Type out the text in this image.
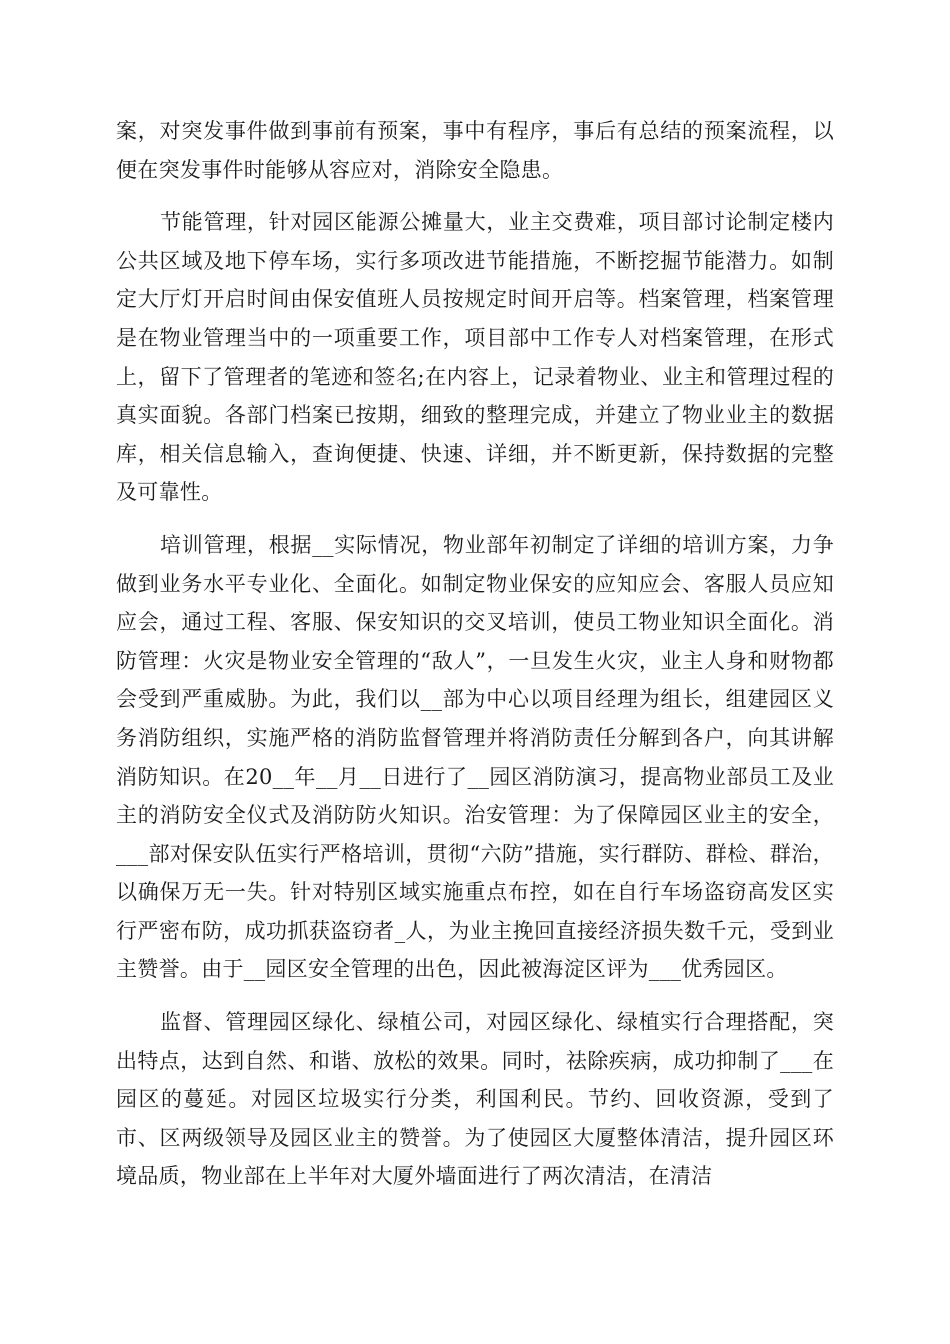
案，对突发事件做到事前有预案，事中有程序，事后有总结的预案流程，以便在突发事件时能够从容应对，消除安全隐患。

节能管理，针对园区能源公摊量大，业主交费难，项目部讨论制定楼内公共区域及地下停车场，实行多项改进节能措施，不断挖掘节能潜力。如制定大厅灯开启时间由保安值班人员按规定时间开启等。档案管理，档案管理是在物业管理当中的一项重要工作，项目部中工作专人对档案管理，在形式上，留下了管理者的笔迹和签名;在内容上，记录着物业、业主和管理过程的真实面貌。各部门档案已按期，细致的整理完成，并建立了物业业主的数据库，相关信息输入，查询便捷、快速、详细，并不断更新，保持数据的完整及可靠性。

培训管理，根据__实际情况，物业部年初制定了详细的培训方案，力争做到业务水平专业化、全面化。如制定物业保安的应知应会、客服人员应知应会，通过工程、客服、保安知识的交叉培训，使员工物业知识全面化。消防管理：火灾是物业安全管理的“敌人”，一旦发生火灾，业主人身和财物都会受到严重威胁。为此，我们以__部为中心以项目经理为组长，组建园区义务消防组织，实施严格的消防监督管理并将消防责任分解到各户，向其讲解消防知识。在20__年__月__日进行了__园区消防演习，提高物业部员工及业主的消防安全仪式及消防防火知识。治安管理：为了保障园区业主的安全，___部对保安队伍实行严格培训，贯彻“六防”措施，实行群防、群检、群治，以确保万无一失。针对特别区域实施重点布控，如在自行车场盗窃高发区实行严密布防，成功抓获盗窃者_人，为业主挽回直接经济损失数千元，受到业主赞誉。由于__园区安全管理的出色，因此被海淀区评为___优秀园区。

监督、管理园区绿化、绿植公司，对园区绿化、绿植实行合理搭配，突出特点，达到自然、和谐、放松的效果。同时，祛除疾病，成功抑制了___在园区的蔓延。对园区垃圾实行分类，利国利民。节约、回收资源，受到了市、区两级领导及园区业主的赞誉。为了使园区大厦整体清洁，提升园区环境品质，物业部在上半年对大厦外墙面进行了两次清洁，在清洁
